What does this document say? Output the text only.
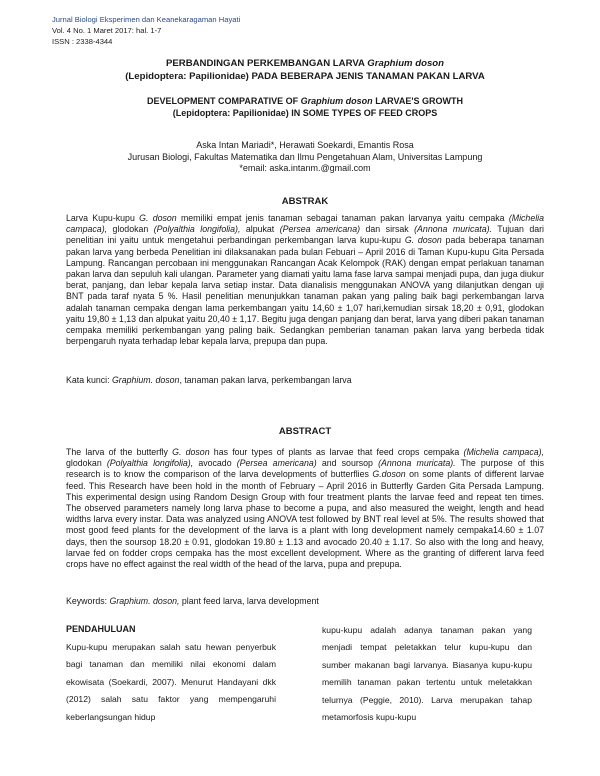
Jurnal Biologi Eksperimen dan Keanekaragaman Hayati
Vol. 4 No. 1 Maret 2017: hal. 1-7
ISSN : 2338-4344
PERBANDINGAN PERKEMBANGAN LARVA Graphium doson
(Lepidoptera: Papilionidae) PADA BEBERAPA JENIS TANAMAN PAKAN LARVA
DEVELOPMENT COMPARATIVE OF Graphium doson LARVAE'S GROWTH
(Lepidoptera: Papilionidae) IN SOME TYPES OF FEED CROPS
Aska Intan Mariadi*, Herawati Soekardi, Emantis Rosa
Jurusan Biologi, Fakultas Matematika dan Ilmu Pengetahuan Alam, Universitas Lampung
*email: aska.intanm.@gmail.com
ABSTRAK
Larva Kupu-kupu G. doson memiliki empat jenis tanaman sebagai tanaman pakan larvanya yaitu cempaka (Michelia campaca), glodokan (Polyalthia longifolia), alpukat (Persea americana) dan sirsak (Annona muricata). Tujuan dari penelitian ini yaitu untuk mengetahui perbandingan perkembangan larva kupu-kupu G. doson pada beberapa tanaman pakan larva yang berbeda Penelitian ini dilaksanakan pada bulan Febuari – April 2016 di Taman Kupu-kupu Gita Persada Lampung. Rancangan percobaan ini menggunakan Rancangan Acak Kelompok (RAK) dengan empat perlakuan tanaman pakan larva dan sepuluh kali ulangan. Parameter yang diamati yaitu lama fase larva sampai menjadi pupa, dan juga diukur berat, panjang, dan lebar kepala larva setiap instar. Data dianalisis menggunakan ANOVA yang dilanjutkan dengan uji BNT pada taraf nyata 5 %. Hasil penelitian menunjukkan tanaman pakan yang paling baik bagi perkembangan larva adalah tanaman cempaka dengan lama perkembangan yaitu 14,60 ± 1,07 hari,kemudian sirsak 18,20 ± 0,91, glodokan yaitu 19,80 ± 1,13 dan alpukat yaitu 20,40 ± 1,17. Begitu juga dengan panjang dan berat, larva yang diberi pakan tanaman cempaka memiliki perkembangan yang paling baik. Sedangkan pemberian tanaman pakan larva yang berbeda tidak berpengaruh nyata terhadap lebar kepala larva, prepupa dan pupa.
Kata kunci: Graphium. doson, tanaman pakan larva, perkembangan larva
ABSTRACT
The larva of the butterfly G. doson has four types of plants as larvae that feed crops cempaka (Michelia campaca), glodokan (Polyalthia longifolia), avocado (Persea americana) and soursop (Annona muricata). The purpose of this research is to know the comparison of the larva developments of butterflies G.doson on some plants of different larvae feed. This Research have been hold in the month of February – April 2016 in Butterfly Garden Gita Persada Lampung. This experimental design using Random Design Group with four treatment plants the larvae feed and repeat ten times. The observed parameters namely long larva phase to become a pupa, and also measured the weight, length and head widths larva every instar. Data was analyzed using ANOVA test followed by BNT real level at 5%. The results showed that most good feed plants for the development of the larva is a plant with long development namely cempaka14.60 ± 1.07 days, then the soursop 18.20 ± 0.91, glodokan 19.80 ± 1.13 and avocado 20.40 ± 1.17. So also with the long and heavy, larvae fed on fodder crops cempaka has the most excellent development. Where as the granting of different larva feed crops have no effect against the real width of the head of the larva, pupa and prepupa.
Keywords: Graphium. doson, plant feed larva, larva development
PENDAHULUAN
Kupu-kupu merupakan salah satu hewan penyerbuk bagi tanaman dan memiliki nilai ekonomi dalam ekowisata (Soekardi, 2007). Menurut Handayani dkk (2012) salah satu faktor yang mempengaruhi keberlangsungan hidup
kupu-kupu adalah adanya tanaman pakan yang menjadi tempat peletakkan telur kupu-kupu dan sumber makanan bagi larvanya. Biasanya kupu-kupu memilih tanaman pakan tertentu untuk meletakkan telurnya (Peggie, 2010). Larva merupakan tahap metamorfosis kupu-kupu
